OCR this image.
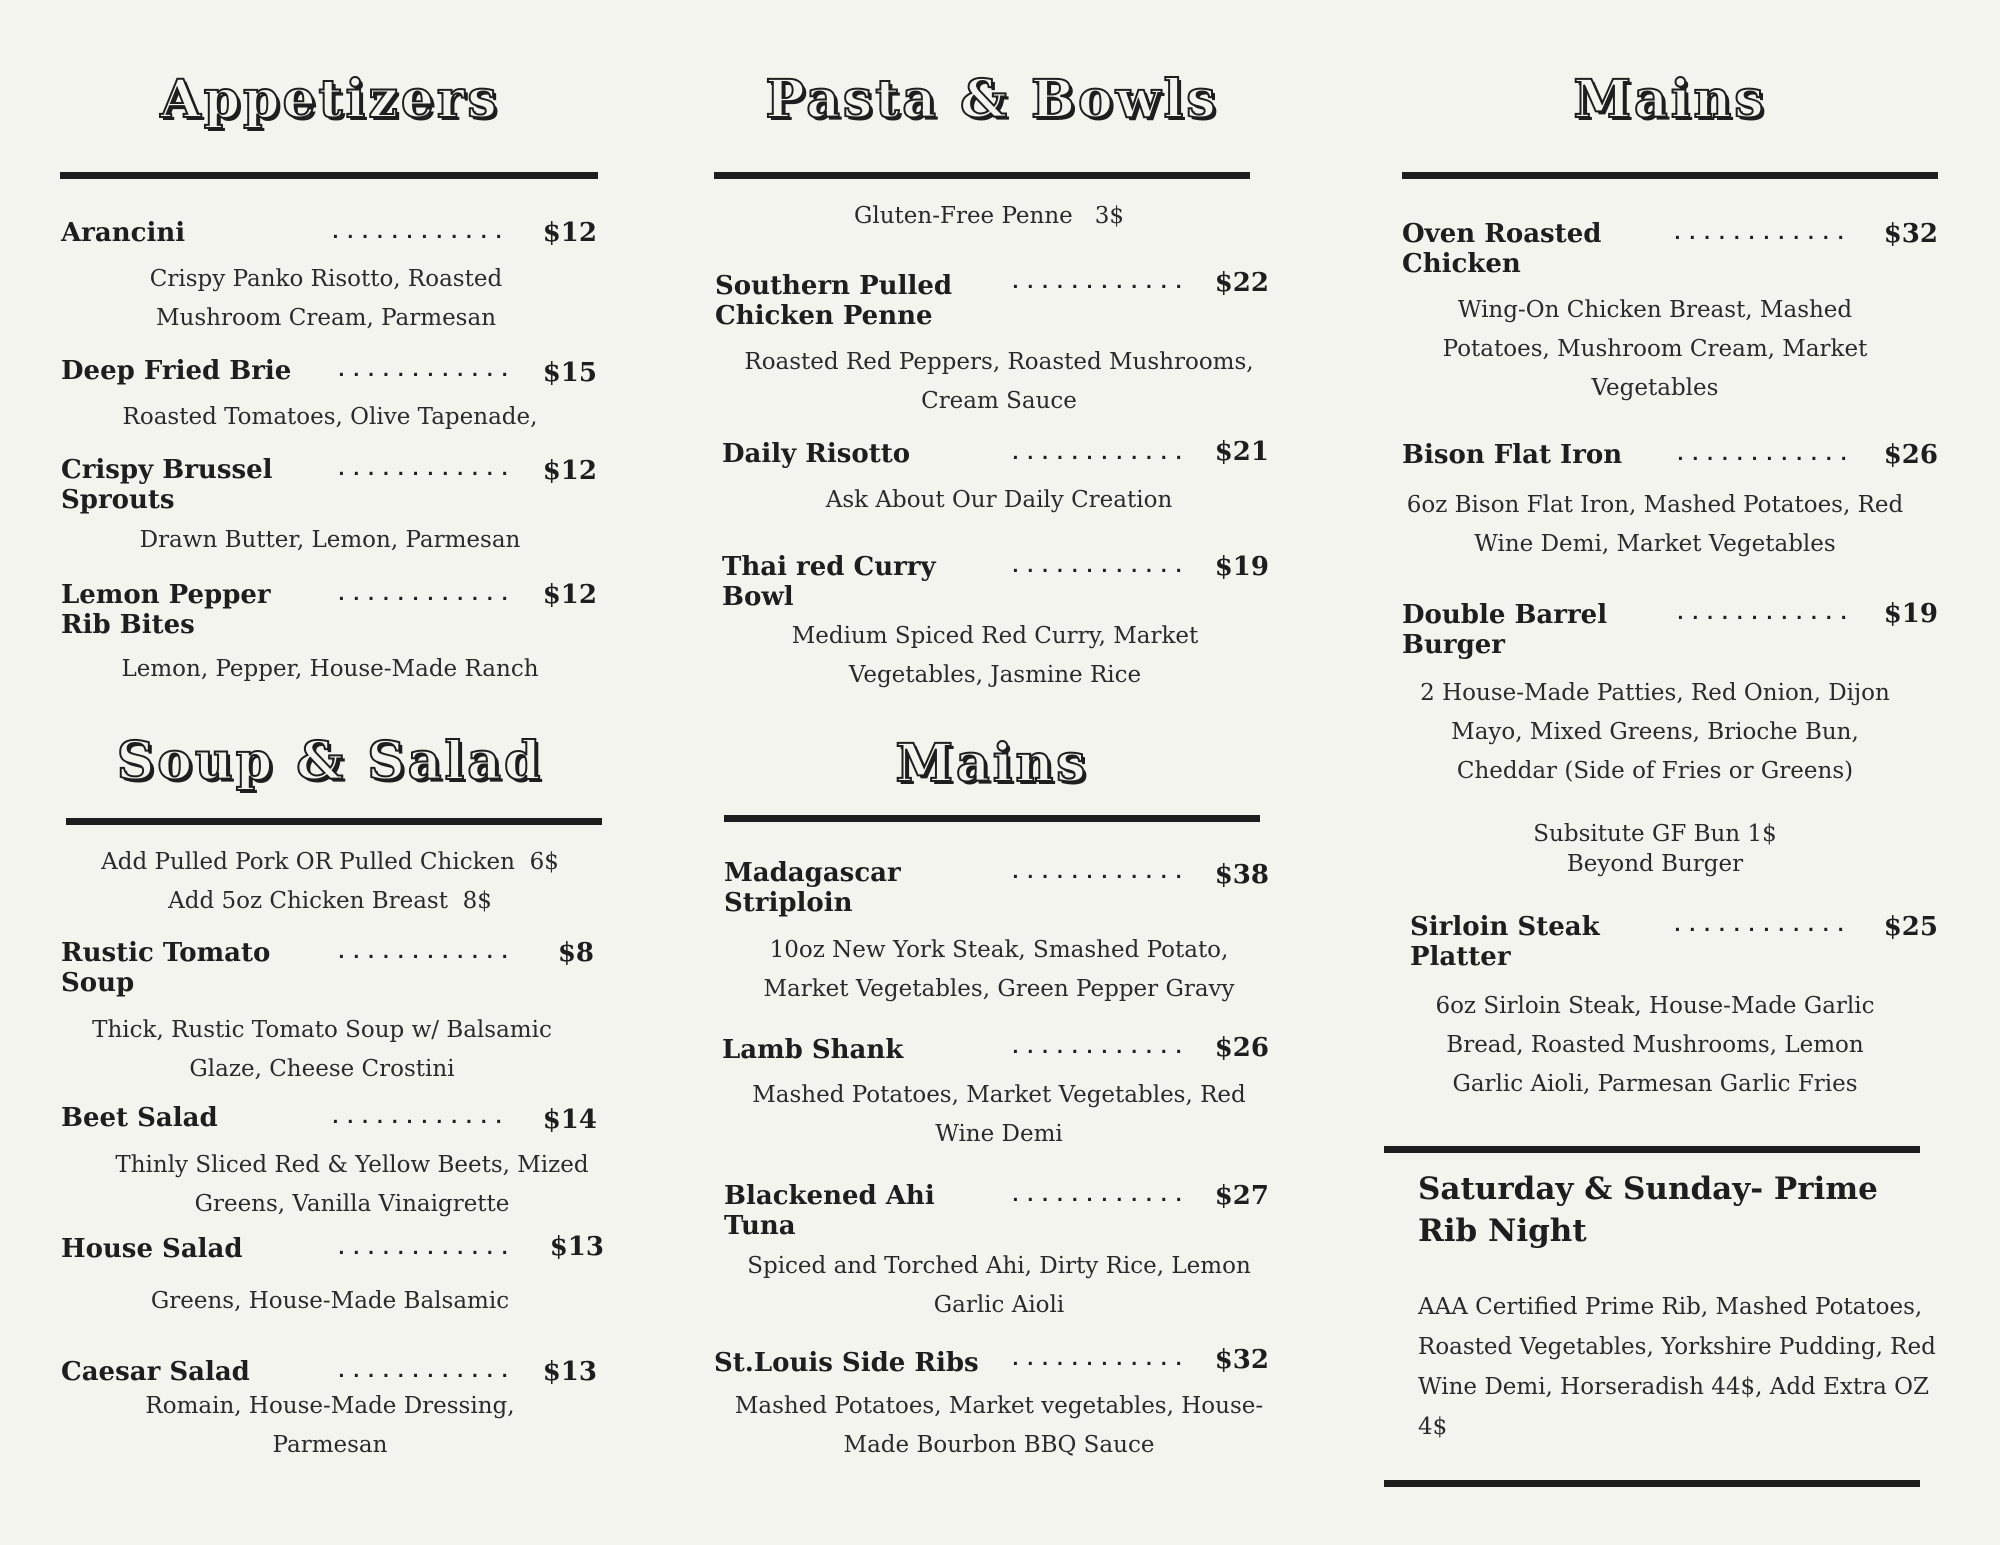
Appetizers
Arancini	............	$12
Crispy Panko Risotto, Roasted Mushroom Cream, Parmesan
Deep Fried Brie	............	$15
Roasted Tomatoes, Olive Tapenade,
Crispy Brussel Sprouts
............	$12
Drawn Butter, Lemon, Parmesan
Lemon Pepper Rib Bites
............	$12
Lemon, Pepper, House-Made Ranch
Soup & Salad
Add Pulled Pork OR Pulled Chicken  6$
Add 5oz Chicken Breast  8$
Rustic Tomato Soup
............	$8
Thick, Rustic Tomato Soup w/ Balsamic Glaze, Cheese Crostini
Beet Salad	............	$14
Thinly Sliced Red & Yellow Beets, Mized Greens, Vanilla Vinaigrette
House Salad	............	$13
Greens, House-Made Balsamic
Caesar Salad	............	$13
Romain, House-Made Dressing, Parmesan
Pasta & Bowls
Gluten-Free Penne   3$
Southern Pulled Chicken Penne
............	$22
Roasted Red Peppers, Roasted Mushrooms, Cream Sauce
Daily Risotto	............	$21
Ask About Our Daily Creation
Thai red Curry Bowl
............	$19
Medium Spiced Red Curry, Market Vegetables, Jasmine Rice
Mains
Madagascar Striploin
............	$38
10oz New York Steak, Smashed Potato, Market Vegetables, Green Pepper Gravy
Lamb Shank	............	$26
Mashed Potatoes, Market Vegetables, Red Wine Demi
Blackened Ahi Tuna
............	$27
Spiced and Torched Ahi, Dirty Rice, Lemon Garlic Aioli
St.Louis Side Ribs	............	$32
Mashed Potatoes, Market vegetables, House-Made Bourbon BBQ Sauce
Mains
Oven Roasted Chicken
............	$32
Wing-On Chicken Breast, Mashed Potatoes, Mushroom Cream, Market Vegetables
Bison Flat Iron	............	$26
6oz Bison Flat Iron, Mashed Potatoes, Red Wine Demi, Market Vegetables
Double Barrel Burger
............	$19
2 House-Made Patties, Red Onion, Dijon Mayo, Mixed Greens, Brioche Bun, Cheddar (Side of Fries or Greens)
Subsitute GF Bun 1$
Beyond Burger
Sirloin Steak Platter
............	$25
6oz Sirloin Steak, House-Made Garlic Bread, Roasted Mushrooms, Lemon Garlic Aioli, Parmesan Garlic Fries
Saturday & Sunday- Prime Rib Night
AAA Certified Prime Rib, Mashed Potatoes, Roasted Vegetables, Yorkshire Pudding, Red Wine Demi, Horseradish 44$, Add Extra OZ 4$
